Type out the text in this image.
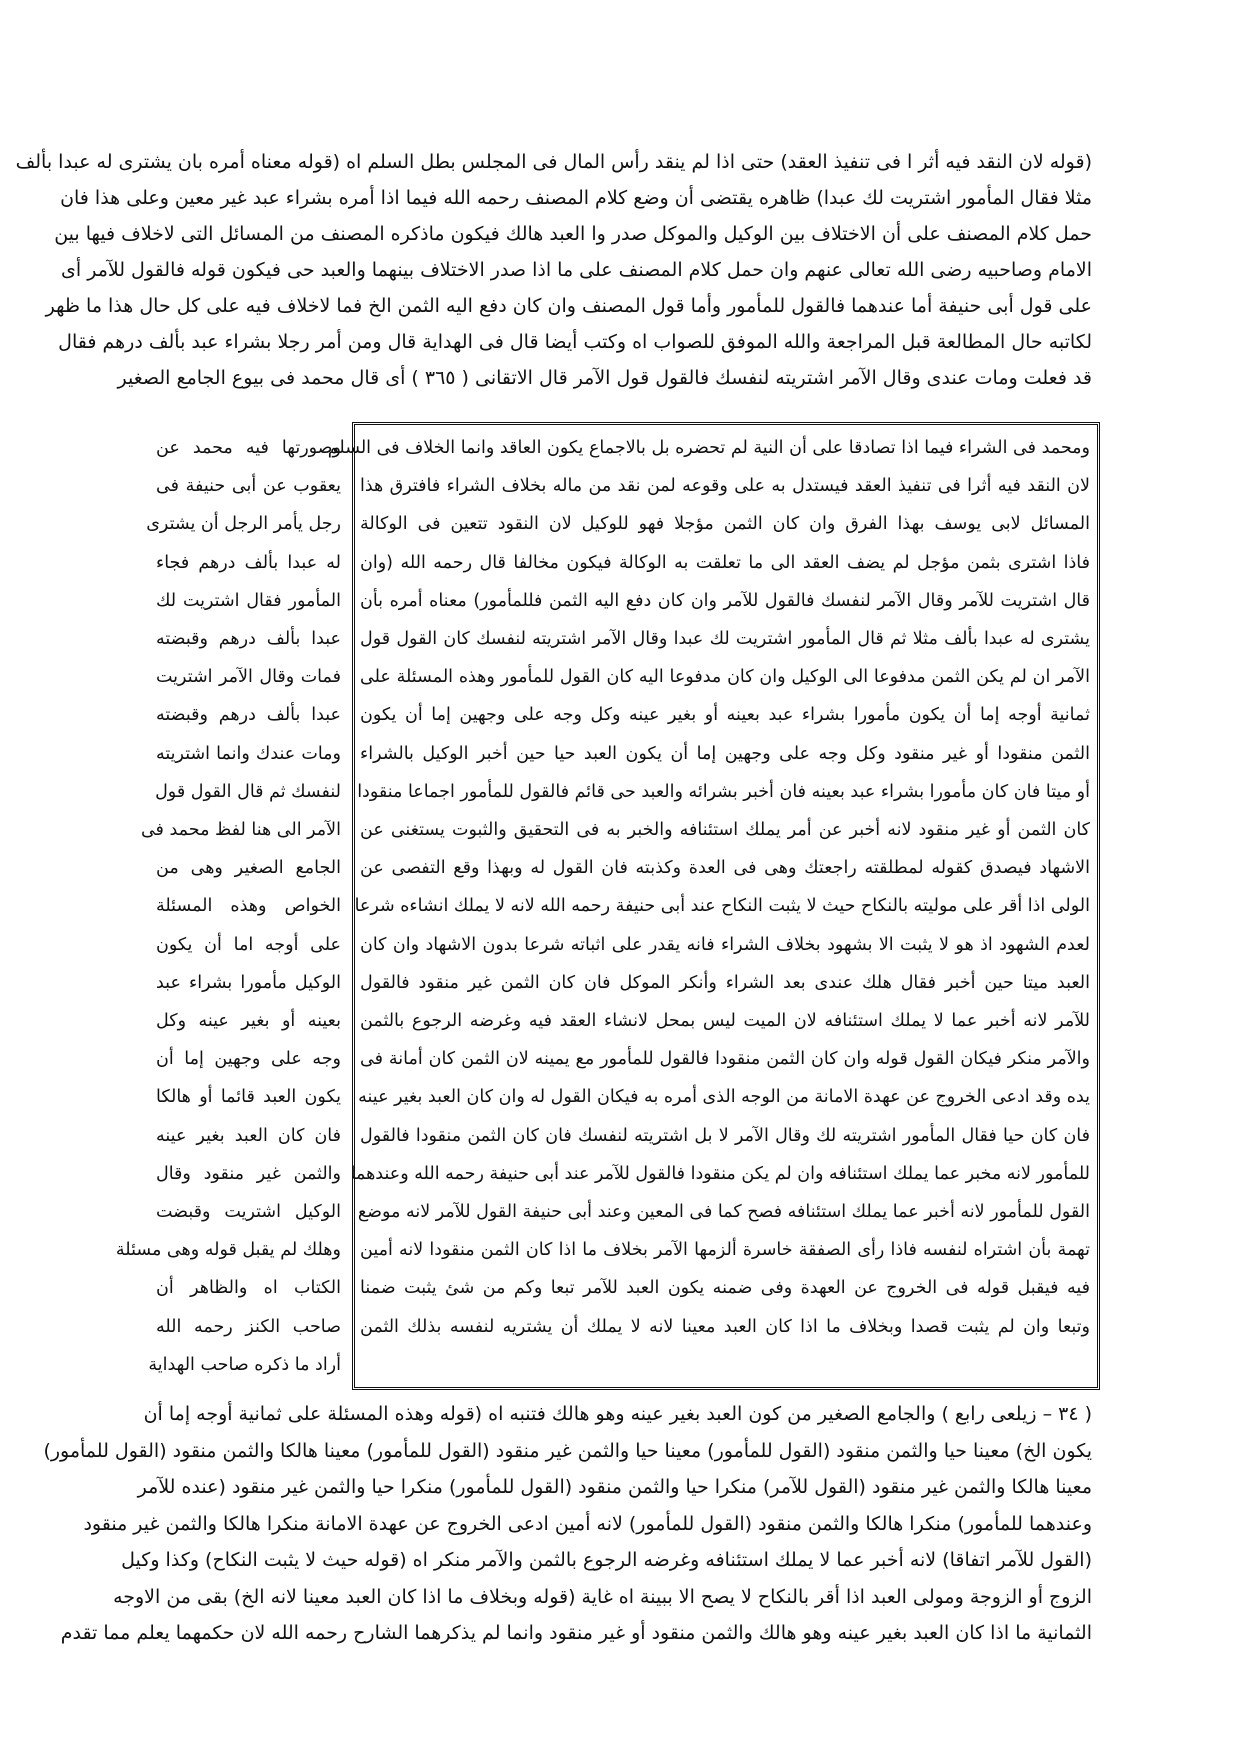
(قوله لان النقد فيه أثر ا فى تنفيذ العقد) حتى اذا لم ينقد رأس المال فى المجلس بطل السلم اه (قوله معناه أمره بان يشترى له عبدا بألف
مثلا فقال المأمور اشتريت لك عبدا) ظاهره يقتضى أن وضع كلام المصنف رحمه الله فيما اذا أمره بشراء عبد غير معين وعلى هذا فان
حمل كلام المصنف على أن الاختلاف بين الوكيل والموكل صدر وا العبد هالك فيكون ماذكره المصنف من المسائل التى لاخلاف فيها بين
الامام وصاحبيه رضى الله تعالى عنهم وان حمل كلام المصنف على ما اذا صدر الاختلاف بينهما والعبد حى فيكون قوله فالقول للآمر أى
على قول أبى حنيفة أما عندهما فالقول للمأمور وأما قول المصنف وان كان دفع اليه الثمن الخ فما لاخلاف فيه على كل حال هذا ما ظهر
لكاتبه حال المطالعة قبل المراجعة والله الموفق للصواب اه وكتب أيضا قال فى الهداية قال ومن أمر رجلا بشراء عبد بألف درهم فقال
قد فعلت ومات عندى وقال الآمر اشتريته لنفسك فالقول قول الآمر قال الاتقانى ( ٣٦٥ ) أى قال محمد فى بيوع الجامع الصغير
ومحمد فى الشراء فيما اذا تصادقا على أن النية لم تحضره بل بالاجماع يكون العاقد وانما الخلاف فى السلم
لان النقد فيه أثرا فى تنفيذ العقد فيستدل به على وقوعه لمن نقد من ماله بخلاف الشراء فافترق هذا
المسائل لابى يوسف بهذا الفرق وان كان الثمن مؤجلا فهو للوكيل لان النقود تتعين فى الوكالة
فاذا اشترى بثمن مؤجل لم يضف العقد الى ما تعلقت به الوكالة فيكون مخالفا قال رحمه الله (وان
قال اشتريت للآمر وقال الآمر لنفسك فالقول للآمر وان كان دفع اليه الثمن فللمأمور) معناه أمره بأن
يشترى له عبدا بألف مثلا ثم قال المأمور اشتريت لك عبدا وقال الآمر اشتريته لنفسك كان القول قول
الآمر ان لم يكن الثمن مدفوعا الى الوكيل وان كان مدفوعا اليه كان القول للمأمور وهذه المسئلة على
ثمانية أوجه إما أن يكون مأمورا بشراء عبد بعينه أو بغير عينه وكل وجه على وجهين إما أن يكون
الثمن منقودا أو غير منقود وكل وجه على وجهين إما أن يكون العبد حيا حين أخبر الوكيل بالشراء
أو ميتا فان كان مأمورا بشراء عبد بعينه فان أخبر بشرائه والعبد حى قائم فالقول للمأمور اجماعا منقودا
كان الثمن أو غير منقود لانه أخبر عن أمر يملك استئنافه والخبر به فى التحقيق والثبوت يستغنى عن
الاشهاد فيصدق كقوله لمطلقته راجعتك وهى فى العدة وكذبته فان القول له وبهذا وقع التفصى عن
الولى اذا أقر على موليته بالنكاح حيث لا يثبت النكاح عند أبى حنيفة رحمه الله لانه لا يملك انشاءه شرعا
لعدم الشهود اذ هو لا يثبت الا بشهود بخلاف الشراء فانه يقدر على اثباته شرعا بدون الاشهاد وان كان
العبد ميتا حين أخبر فقال هلك عندى بعد الشراء وأنكر الموكل فان كان الثمن غير منقود فالقول
للآمر لانه أخبر عما لا يملك استئنافه لان الميت ليس بمحل لانشاء العقد فيه وغرضه الرجوع بالثمن
والآمر منكر فيكان القول قوله وان كان الثمن منقودا فالقول للمأمور مع يمينه لان الثمن كان أمانة فى
يده وقد ادعى الخروج عن عهدة الامانة من الوجه الذى أمره به فيكان القول له وان كان العبد بغير عينه
فان كان حيا فقال المأمور اشتريته لك وقال الآمر لا بل اشتريته لنفسك فان كان الثمن منقودا فالقول
للمأمور لانه مخبر عما يملك استئنافه وان لم يكن منقودا فالقول للآمر عند أبى حنيفة رحمه الله وعندهما
القول للمأمور لانه أخبر عما يملك استئنافه فصح كما فى المعين وعند أبى حنيفة القول للآمر لانه موضع
تهمة بأن اشتراه لنفسه فاذا رأى الصفقة خاسرة ألزمها الآمر بخلاف ما اذا كان الثمن منقودا لانه أمين
فيه فيقبل قوله فى الخروج عن العهدة وفى ضمنه يكون العبد للآمر تبعا وكم من شئ يثبت ضمنا
وتبعا وان لم يثبت قصدا وبخلاف ما اذا كان العبد معينا لانه لا يملك أن يشتريه لنفسه بذلك الثمن
وصورتها فيه محمد عن
يعقوب عن أبى حنيفة فى
رجل يأمر الرجل أن يشترى
له عبدا بألف درهم فجاء
المأمور فقال اشتريت لك
عبدا بألف درهم وقبضته
فمات وقال الآمر اشتريت
عبدا بألف درهم وقبضته
ومات عندك وانما اشتريته
لنفسك ثم قال القول قول
الآمر الى هنا لفظ محمد فى
الجامع الصغير وهى من
الخواص وهذه المسئلة
على أوجه اما أن يكون
الوكيل مأمورا بشراء عبد
بعينه أو بغير عينه وكل
وجه على وجهين إما أن
يكون العبد قائما أو هالكا
فان كان العبد بغير عينه
والثمن غير منقود وقال
الوكيل اشتريت وقبضت
وهلك لم يقبل قوله وهى مسئلة
الكتاب اه والظاهر أن
صاحب الكنز رحمه الله
أراد ما ذكره صاحب الهداية
( ٣٤ – زيلعى رابع ) والجامع الصغير من كون العبد بغير عينه وهو هالك فتنبه اه (قوله وهذه المسئلة على ثمانية أوجه إما أن
يكون الخ) معينا حيا والثمن منقود (القول للمأمور) معينا حيا والثمن غير منقود (القول للمأمور) معينا هالكا والثمن منقود (القول للمأمور)
معينا هالكا والثمن غير منقود (القول للآمر) منكرا حيا والثمن منقود (القول للمأمور) منكرا حيا والثمن غير منقود (عنده للآمر
وعندهما للمأمور) منكرا هالكا والثمن منقود (القول للمأمور) لانه أمين ادعى الخروج عن عهدة الامانة منكرا هالكا والثمن غير منقود
(القول للآمر اتفاقا) لانه أخبر عما لا يملك استئنافه وغرضه الرجوع بالثمن والآمر منكر اه (قوله حيث لا يثبت النكاح) وكذا وكيل
الزوج أو الزوجة ومولى العبد اذا أقر بالنكاح لا يصح الا ببينة اه غاية (قوله وبخلاف ما اذا كان العبد معينا لانه الخ) بقى من الاوجه
الثمانية ما اذا كان العبد بغير عينه وهو هالك والثمن منقود أو غير منقود وانما لم يذكرهما الشارح رحمه الله لان حكمهما يعلم مما تقدم
